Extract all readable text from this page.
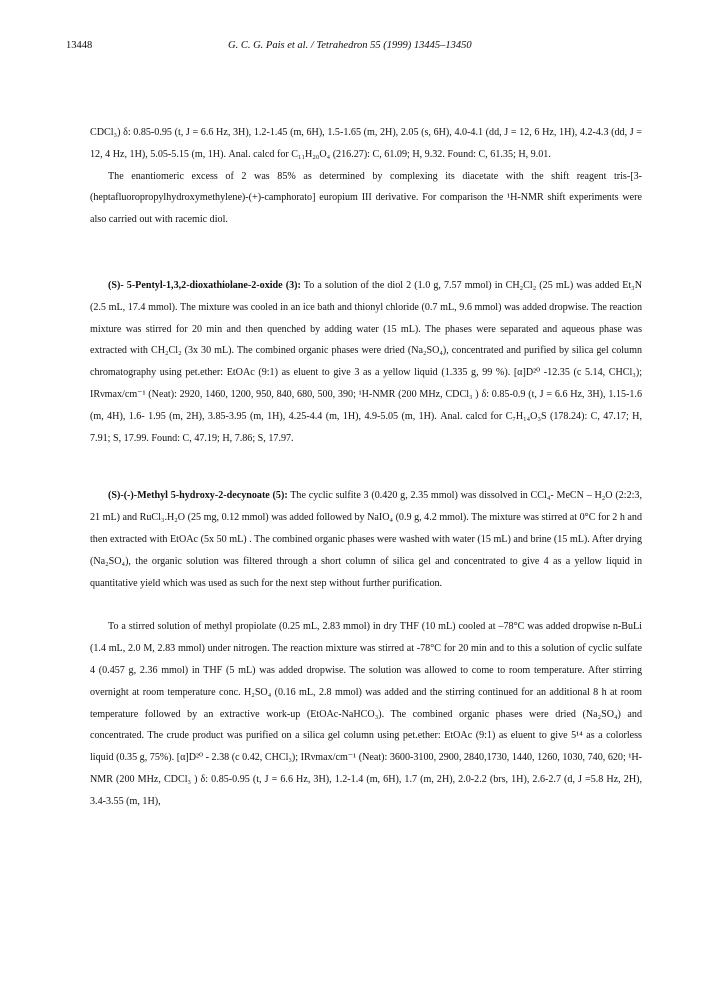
13448	G. C. G. Pais et al. / Tetrahedron 55 (1999) 13445–13450

CDCl₃) δ: 0.85-0.95 (t, J = 6.6 Hz, 3H), 1.2-1.45 (m, 6H), 1.5-1.65 (m, 2H), 2.05 (s, 6H), 4.0-4.1 (dd, J = 12, 6 Hz, 1H), 4.2-4.3 (dd, J = 12, 4 Hz, 1H), 5.05-5.15 (m, 1H). Anal. calcd for C₁₁H₂₀O₄ (216.27): C, 61.09; H, 9.32. Found: C, 61.35; H, 9.01.

The enantiomeric excess of 2 was 85% as determined by complexing its diacetate with the shift reagent tris-[3-(heptafluoropropylhydroxymethylene)-(+)-camphorato] europium III derivative. For comparison the ¹H-NMR shift experiments were also carried out with racemic diol.

(S)- 5-Pentyl-1,3,2-dioxathiolane-2-oxide (3): To a solution of the diol 2 (1.0 g, 7.57 mmol) in CH₂Cl₂ (25 mL) was added Et₃N (2.5 mL, 17.4 mmol). The mixture was cooled in an ice bath and thionyl chloride (0.7 mL, 9.6 mmol) was added dropwise. The reaction mixture was stirred for 20 min and then quenched by adding water (15 mL). The phases were separated and aqueous phase was extracted with CH₂Cl₂ (3x 30 mL). The combined organic phases were dried (Na₂SO₄), concentrated and purified by silica gel column chromatography using pet.ether: EtOAc (9:1) as eluent to give 3 as a yellow liquid (1.335 g, 99 %). [α]D²⁰ -12.35 (c 5.14, CHCl₃); IRνmax/cm⁻¹ (Neat): 2920, 1460, 1200, 950, 840, 680, 500, 390; ¹H-NMR (200 MHz, CDCl₃ ) δ: 0.85-0.9 (t, J = 6.6 Hz, 3H), 1.15-1.6 (m, 4H), 1.6- 1.95 (m, 2H), 3.85-3.95 (m, 1H), 4.25-4.4 (m, 1H), 4.9-5.05 (m, 1H). Anal. calcd for C₇H₁₄O₃S (178.24): C, 47.17; H, 7.91; S, 17.99. Found: C, 47.19; H, 7.86; S, 17.97.

(S)-(-)-Methyl 5-hydroxy-2-decynoate (5): The cyclic sulfite 3 (0.420 g, 2.35 mmol) was dissolved in CCl₄- MeCN – H₂O (2:2:3, 21 mL) and RuCl₃.H₂O (25 mg, 0.12 mmol) was added followed by NaIO₄ (0.9 g, 4.2 mmol). The mixture was stirred at 0°C for 2 h and then extracted with EtOAc (5x 50 mL) . The combined organic phases were washed with water (15 mL) and brine (15 mL). After drying (Na₂SO₄), the organic solution was filtered through a short column of silica gel and concentrated to give 4 as a yellow liquid in quantitative yield which was used as such for the next step without further purification.

To a stirred solution of methyl propiolate (0.25 mL, 2.83 mmol) in dry THF (10 mL) cooled at –78°C was added dropwise n-BuLi (1.4 mL, 2.0 M, 2.83 mmol) under nitrogen. The reaction mixture was stirred at -78°C for 20 min and to this a solution of cyclic sulfate 4 (0.457 g, 2.36 mmol) in THF (5 mL) was added dropwise. The solution was allowed to come to room temperature. After stirring overnight at room temperature conc. H₂SO₄ (0.16 mL, 2.8 mmol) was added and the stirring continued for an additional 8 h at room temperature followed by an extractive work-up (EtOAc-NaHCO₃). The combined organic phases were dried (Na₂SO₄) and concentrated. The crude product was purified on a silica gel column using pet.ether: EtOAc (9:1) as eluent to give 5¹⁴ as a colorless liquid (0.35 g, 75%). [α]D²⁰ - 2.38 (c 0.42, CHCl₃); IRνmax/cm⁻¹ (Neat): 3600-3100, 2900, 2840,1730, 1440, 1260, 1030, 740, 620; ¹H-NMR (200 MHz, CDCl₃ ) δ: 0.85-0.95 (t, J = 6.6 Hz, 3H), 1.2-1.4 (m, 6H), 1.7 (m, 2H), 2.0-2.2 (brs, 1H), 2.6-2.7 (d, J =5.8 Hz, 2H), 3.4-3.55 (m, 1H),
